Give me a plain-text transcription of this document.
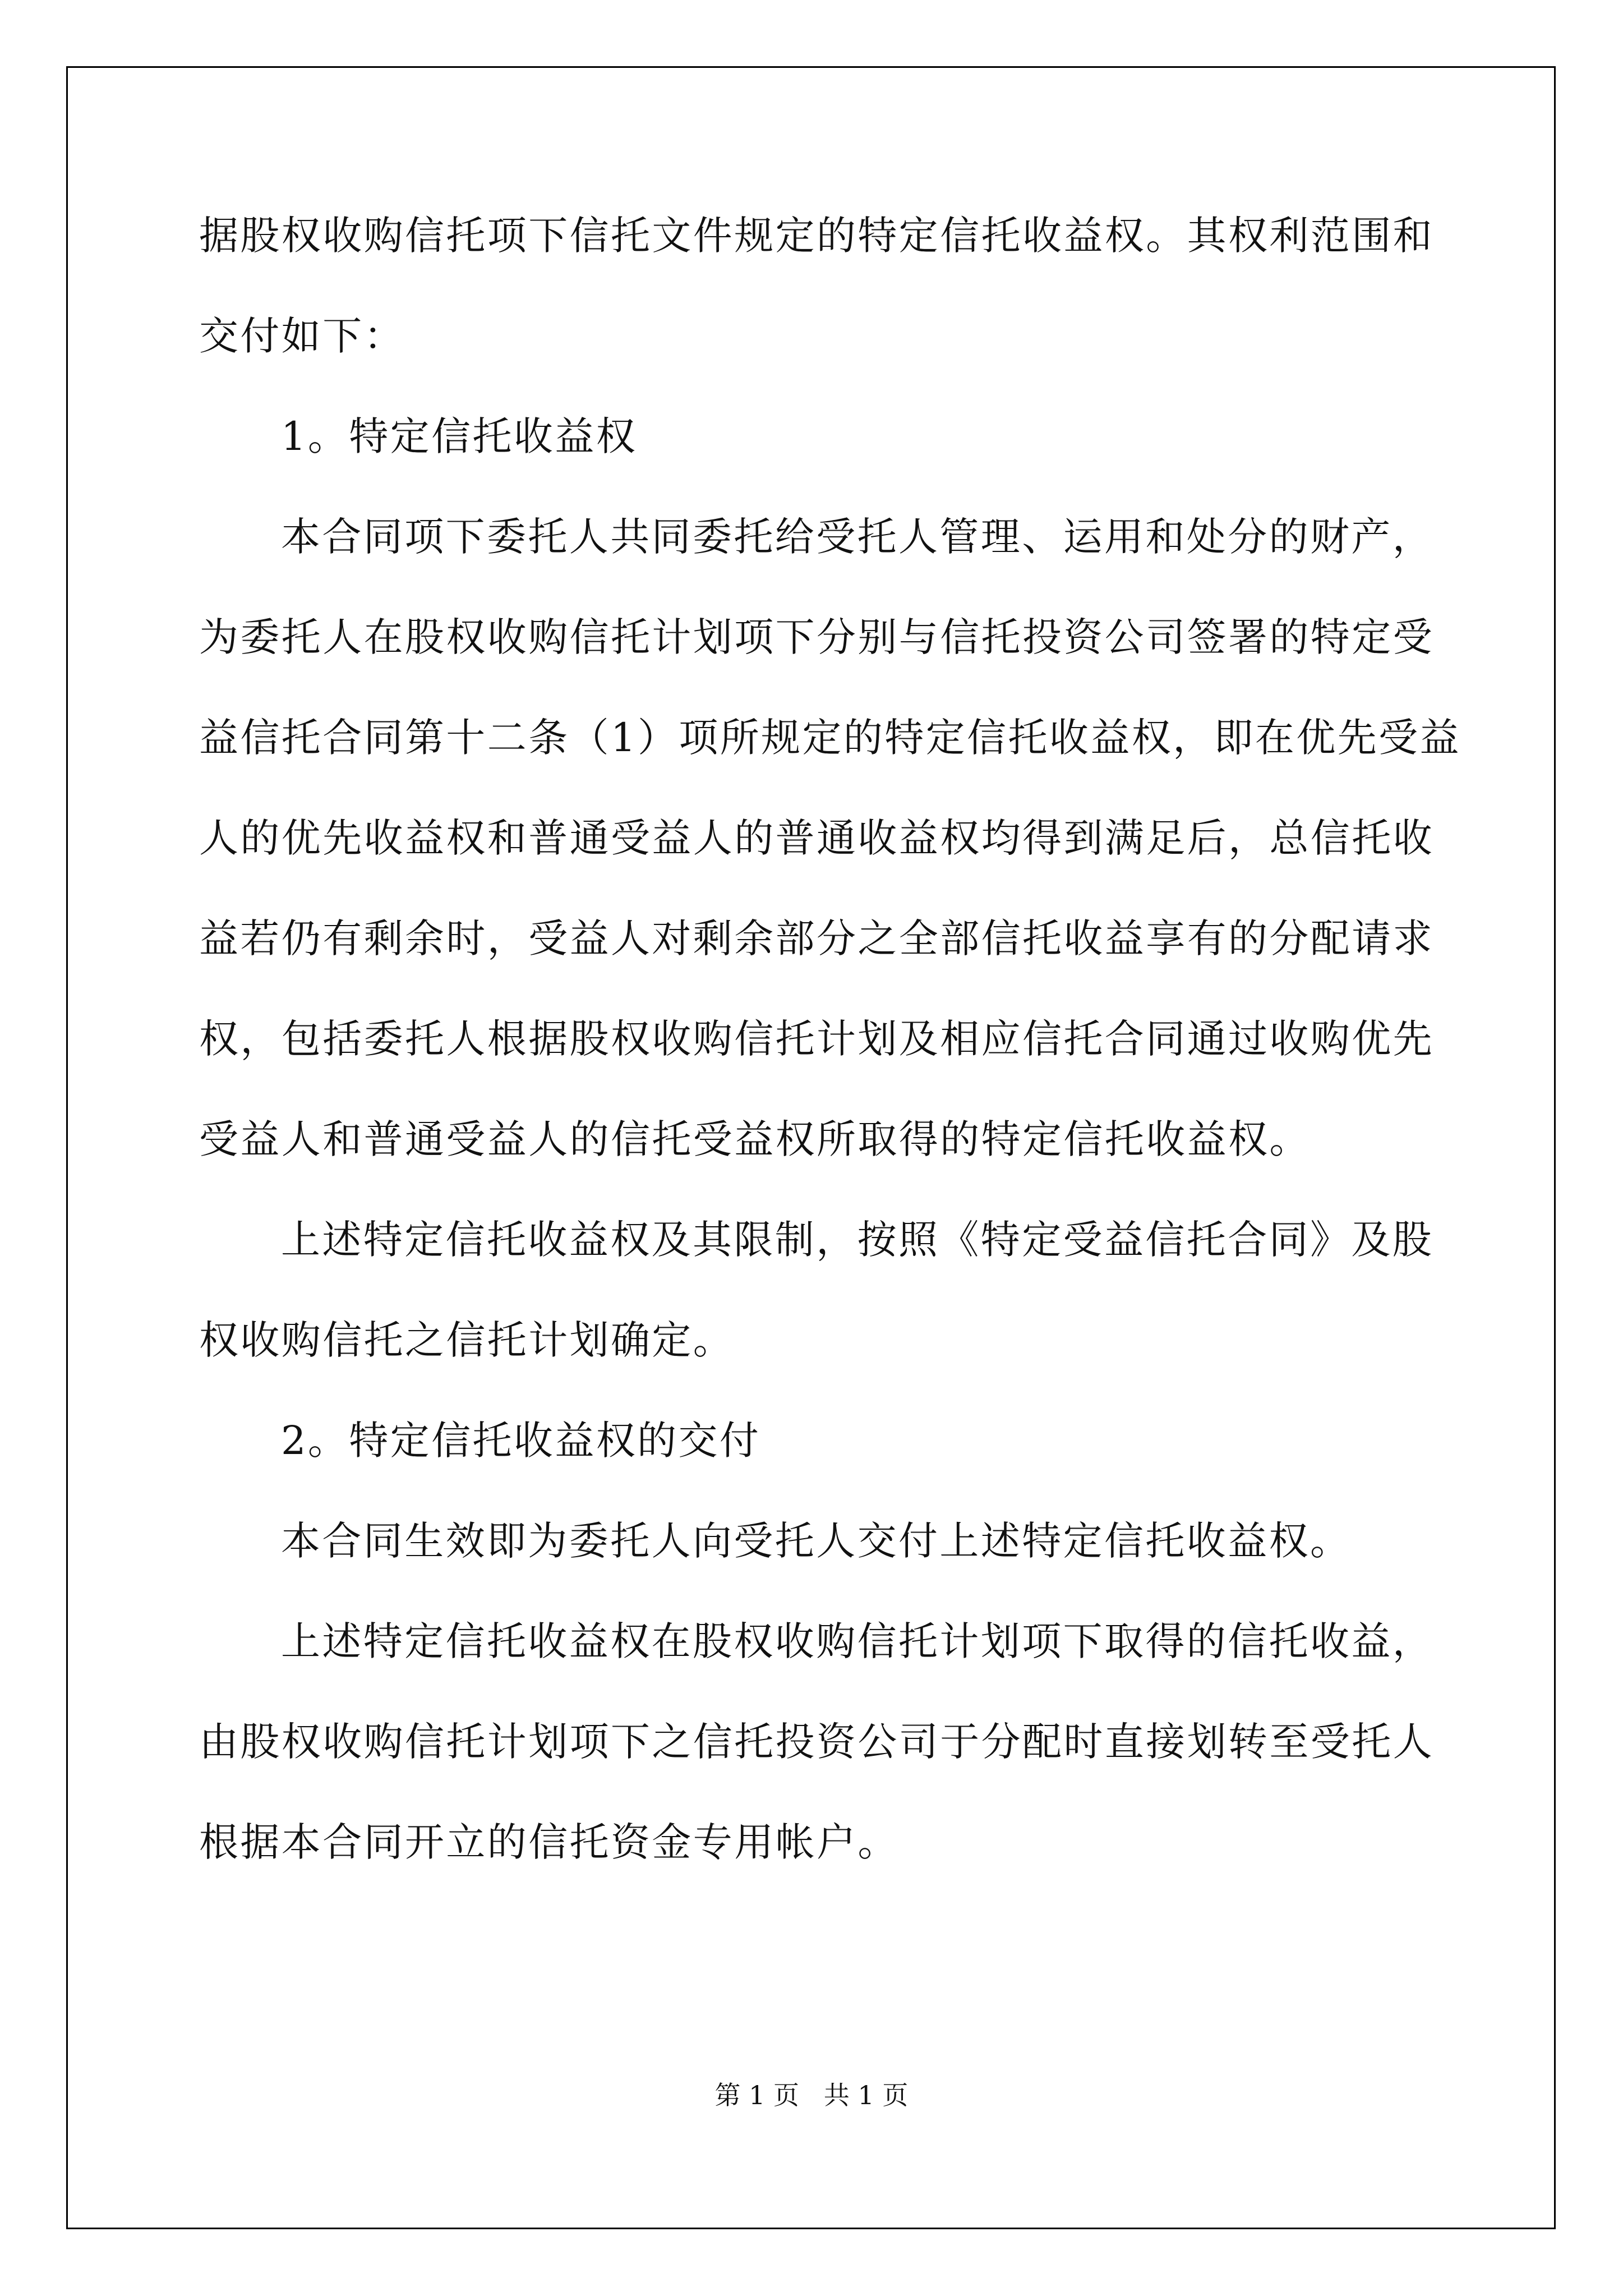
据股权收购信托项下信托文件规定的特定信托收益权。其权利范围和
交付如下：
1。特定信托收益权
本合同项下委托人共同委托给受托人管理、运用和处分的财产，
为委托人在股权收购信托计划项下分别与信托投资公司签署的特定受
益信托合同第十二条（1）项所规定的特定信托收益权，即在优先受益
人的优先收益权和普通受益人的普通收益权均得到满足后，总信托收
益若仍有剩余时，受益人对剩余部分之全部信托收益享有的分配请求
权，包括委托人根据股权收购信托计划及相应信托合同通过收购优先
受益人和普通受益人的信托受益权所取得的特定信托收益权。
上述特定信托收益权及其限制，按照《特定受益信托合同》及股
权收购信托之信托计划确定。
2。特定信托收益权的交付
本合同生效即为委托人向受托人交付上述特定信托收益权。
上述特定信托收益权在股权收购信托计划项下取得的信托收益，
由股权收购信托计划项下之信托投资公司于分配时直接划转至受托人
根据本合同开立的信托资金专用帐户。
第 1 页   共 1 页
